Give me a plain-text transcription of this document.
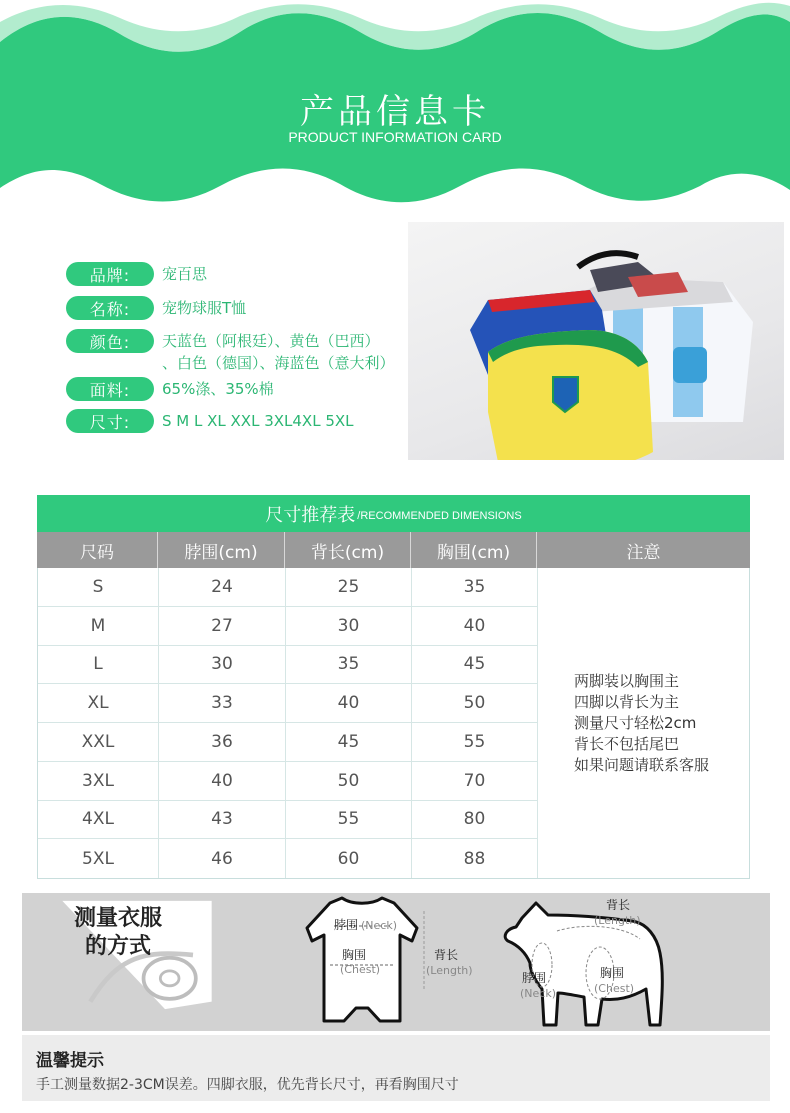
产品信息卡
PRODUCT INFORMATION CARD
品牌:	宠百思
名称:	宠物球服T恤
颜色:	天蓝色（阿根廷）、黄色（巴西）
、白色（德国）、海蓝色（意大利）
面料:	65%涤、35%棉
尺寸:	S M L XL XXL 3XL4XL 5XL
尺寸推荐表 /RECOMMENDED DIMENSIONS
尺码	脖围(cm)	背长(cm)	胸围(cm)	注意
S	24	25	35
M	27	30	40
L	30	35	45
XL	33	40	50
XXL	36	45	55
3XL	40	50	70
4XL	43	55	80
5XL	46	60	88
两脚装以胸围主
四脚以背长为主
测量尺寸轻松2cm
背长不包括尾巴
如果问题请联系客服
测量衣服
的方式
脖围 (Neck)
胸围
(Chest)
背长
(Length)
背长
(Length)
脖围
(Neck)
胸围
(Chest)
温馨提示
手工测量数据2-3CM误差。四脚衣服，优先背长尺寸，再看胸围尺寸
